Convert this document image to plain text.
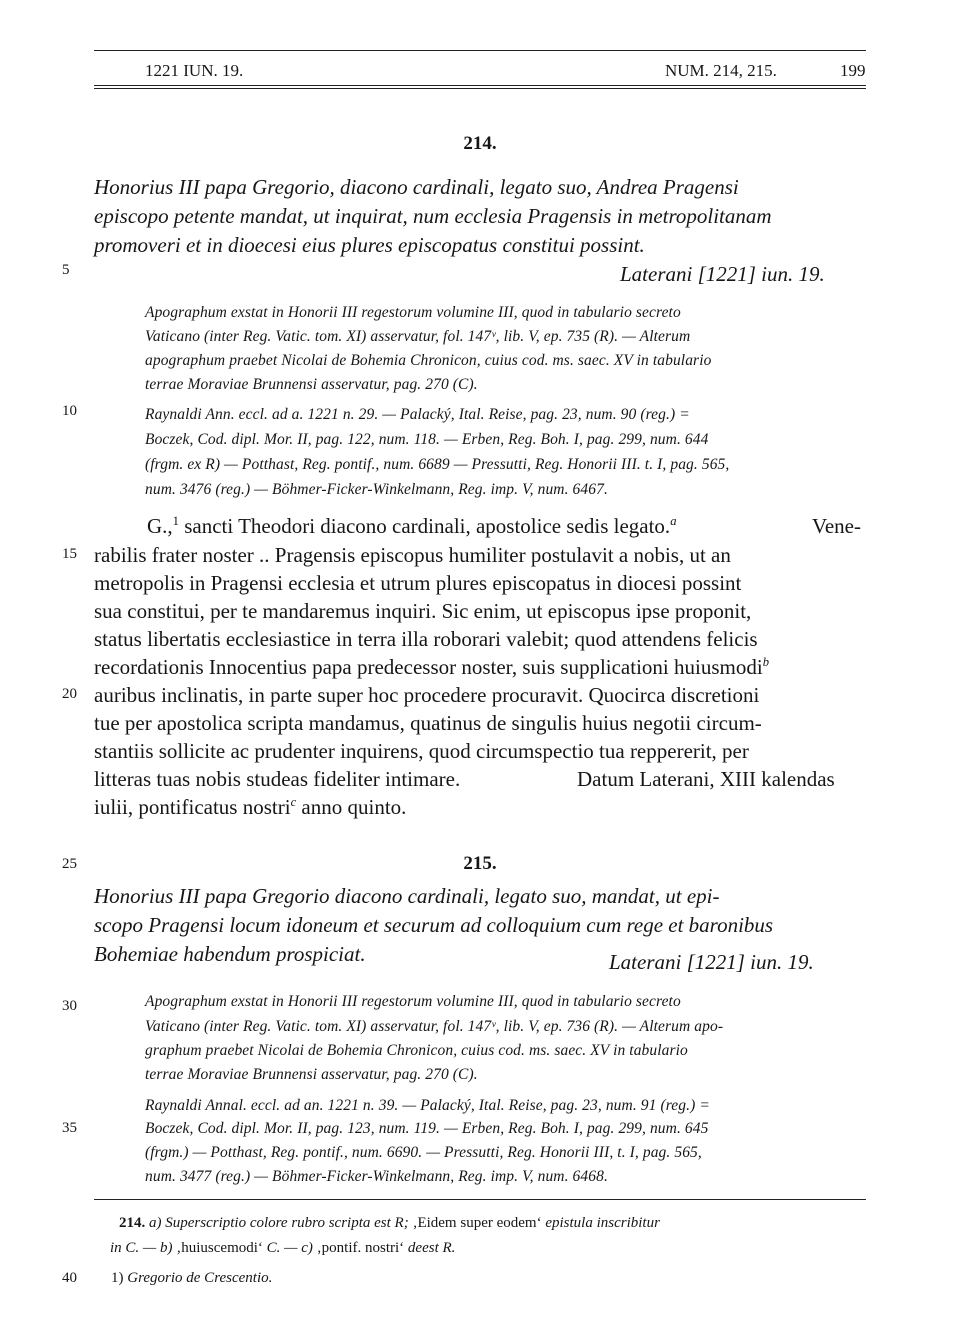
1221 IUN. 19.	NUM. 214, 215.	199
5
10
15
20
25
30
35
40
214.
Honorius III papa Gregorio, diacono cardinali, legato suo, Andrea Pragensi
episcopo petente mandat, ut inquirat, num ecclesia Pragensis in metropolitanam
promoveri et in dioecesi eius plures episcopatus constitui possint.
Laterani [1221] iun. 19.
Apographum exstat in Honorii III regestorum volumine III, quod in tabulario secreto
Vaticano (inter Reg. Vatic. tom. XI) asservatur, fol. 147ᵛ, lib. V, ep. 735 (R). — Alterum
apographum praebet Nicolai de Bohemia Chronicon, cuius cod. ms. saec. XV in tabulario
terrae Moraviae Brunnensi asservatur, pag. 270 (C).
Raynaldi Ann. eccl. ad a. 1221 n. 29. — Palacký, Ital. Reise, pag. 23, num. 90 (reg.) =
Boczek, Cod. dipl. Mor. II, pag. 122, num. 118. — Erben, Reg. Boh. I, pag. 299, num. 644
(frgm. ex R) — Potthast, Reg. pontif., num. 6689 — Pressutti, Reg. Honorii III. t. I, pag. 565,
num. 3476 (reg.) — Böhmer-Ficker-Winkelmann, Reg. imp. V, num. 6467.
G.,$^1$ sancti Theodori diacono cardinali, apostolice sedis legato.$^a$	Vene-
rabilis frater noster .. Pragensis episcopus humiliter postulavit a nobis, ut an
metropolis in Pragensi ecclesia et utrum plures episcopatus in diocesi possint
sua constitui, per te mandaremus inquiri. Sic enim, ut episcopus ipse proponit,
status libertatis ecclesiastice in terra illa roborari valebit; quod attendens felicis
recordationis Innocentius papa predecessor noster, suis supplicationi huiusmodi$^b$
auribus inclinatis, in parte super hoc procedere procuravit. Quocirca discretioni
tue per apostolica scripta mandamus, quatinus de singulis huius negotii circum-
stantiis sollicite ac prudenter inquirens, quod circumspectio tua reppererit, per
litteras tuas nobis studeas fideliter intimare.	Datum Laterani, XIII kalendas
iulii, pontificatus nostri$^c$ anno quinto.
215.
Honorius III papa Gregorio diacono cardinali, legato suo, mandat, ut epi-
scopo Pragensi locum idoneum et securum ad colloquium cum rege et baronibus
Bohemiae habendum prospiciat.	Laterani [1221] iun. 19.
Apographum exstat in Honorii III regestorum volumine III, quod in tabulario secreto
Vaticano (inter Reg. Vatic. tom. XI) asservatur, fol. 147ᵛ, lib. V, ep. 736 (R). — Alterum apo-
graphum praebet Nicolai de Bohemia Chronicon, cuius cod. ms. saec. XV in tabulario
terrae Moraviae Brunnensi asservatur, pag. 270 (C).
Raynaldi Annal. eccl. ad an. 1221 n. 39. — Palacký, Ital. Reise, pag. 23, num. 91 (reg.) =
Boczek, Cod. dipl. Mor. II, pag. 123, num. 119. — Erben, Reg. Boh. I, pag. 299, num. 645
(frgm.) — Potthast, Reg. pontif., num. 6690. — Pressutti, Reg. Honorii III, t. I, pag. 565,
num. 3477 (reg.) — Böhmer-Ficker-Winkelmann, Reg. imp. V, num. 6468.
214. a) Superscriptio colore rubro scripta est R; ‚Eidem super eodem‘ epistula inscribitur
in C. — b) ‚huiuscemodi‘ C. — c) ‚pontif. nostri‘ deest R.
1) Gregorio de Crescentio.
